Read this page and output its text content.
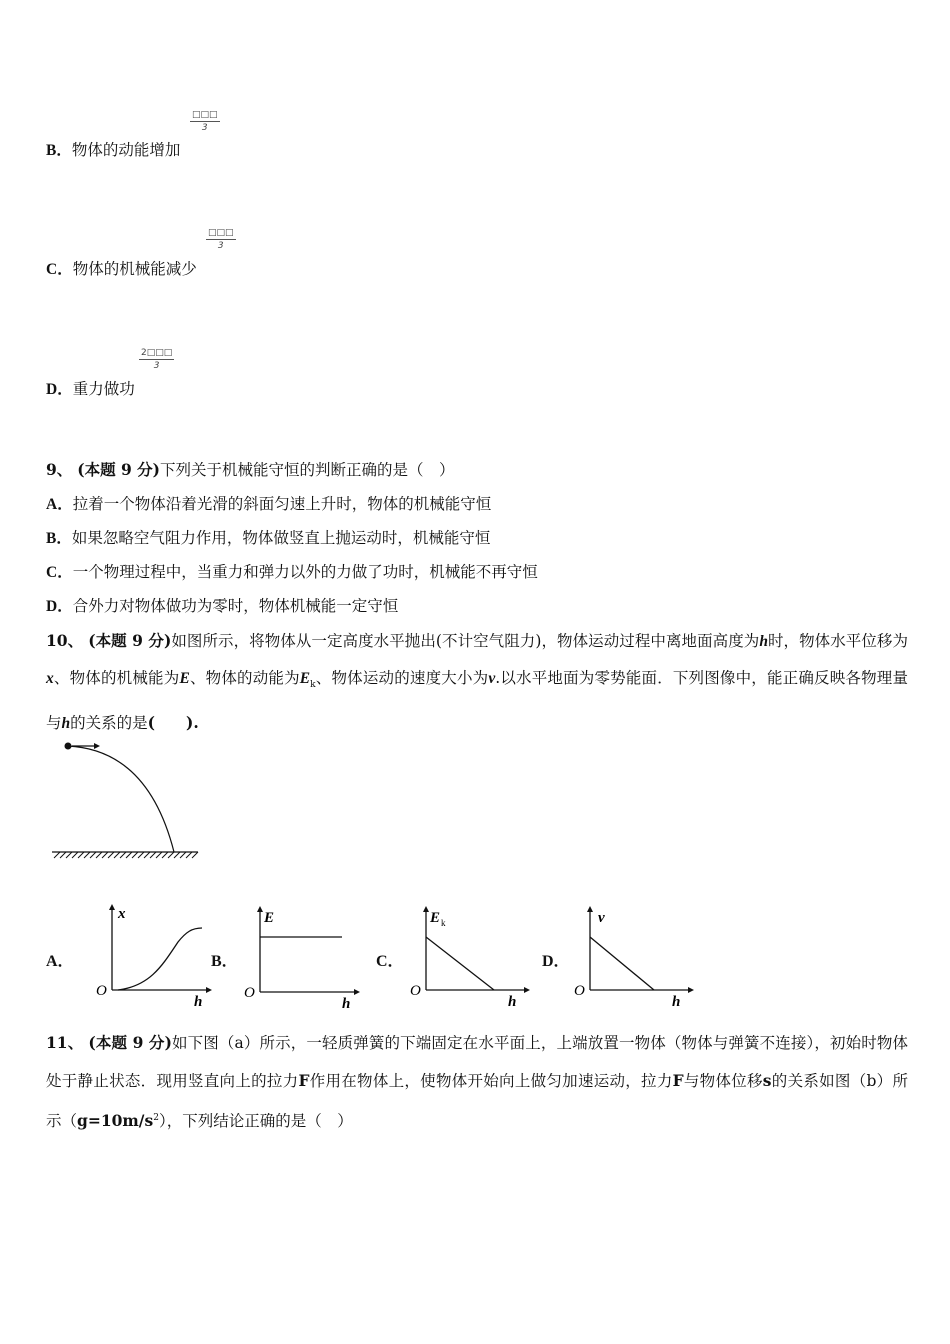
□□□
3
B．物体的动能增加
□□□
3
C．物体的机械能减少
$\frac{2□□□}{3}$
D．重力做功
9、 (本题 9 分)下列关于机械能守恒的判断正确的是（　）
A．拉着一个物体沿着光滑的斜面匀速上升时，物体的机械能守恒
B．如果忽略空气阻力作用，物体做竖直上抛运动时，机械能守恒
C．一个物理过程中，当重力和弹力以外的力做了功时，机械能不再守恒
D．合外力对物体做功为零时，物体机械能一定守恒
10、 (本题 9 分)如图所示，将物体从一定高度水平抛出(不计空气阻力)，物体运动过程中离地面高度为h时，物体水平位移为x、物体的机械能为E、物体的动能为$E_k$、物体运动的速度大小为v.以水平地面为零势能面．下列图像中，能正确反映各物理量与h的关系的是(　　).
A．
x
h
O
B．
E
h
O
C．
E k
h
O
D．
v
h
O
11、 (本题 9 分)如下图（a）所示，一轻质弹簧的下端固定在水平面上，上端放置一物体（物体与弹簧不连接），初始时物体处于静止状态．现用竖直向上的拉力F作用在物体上，使物体开始向上做匀加速运动，拉力F与物体位移s的关系如图（b）所示$(g=10m/s^2)$，下列结论正确的是（　）
